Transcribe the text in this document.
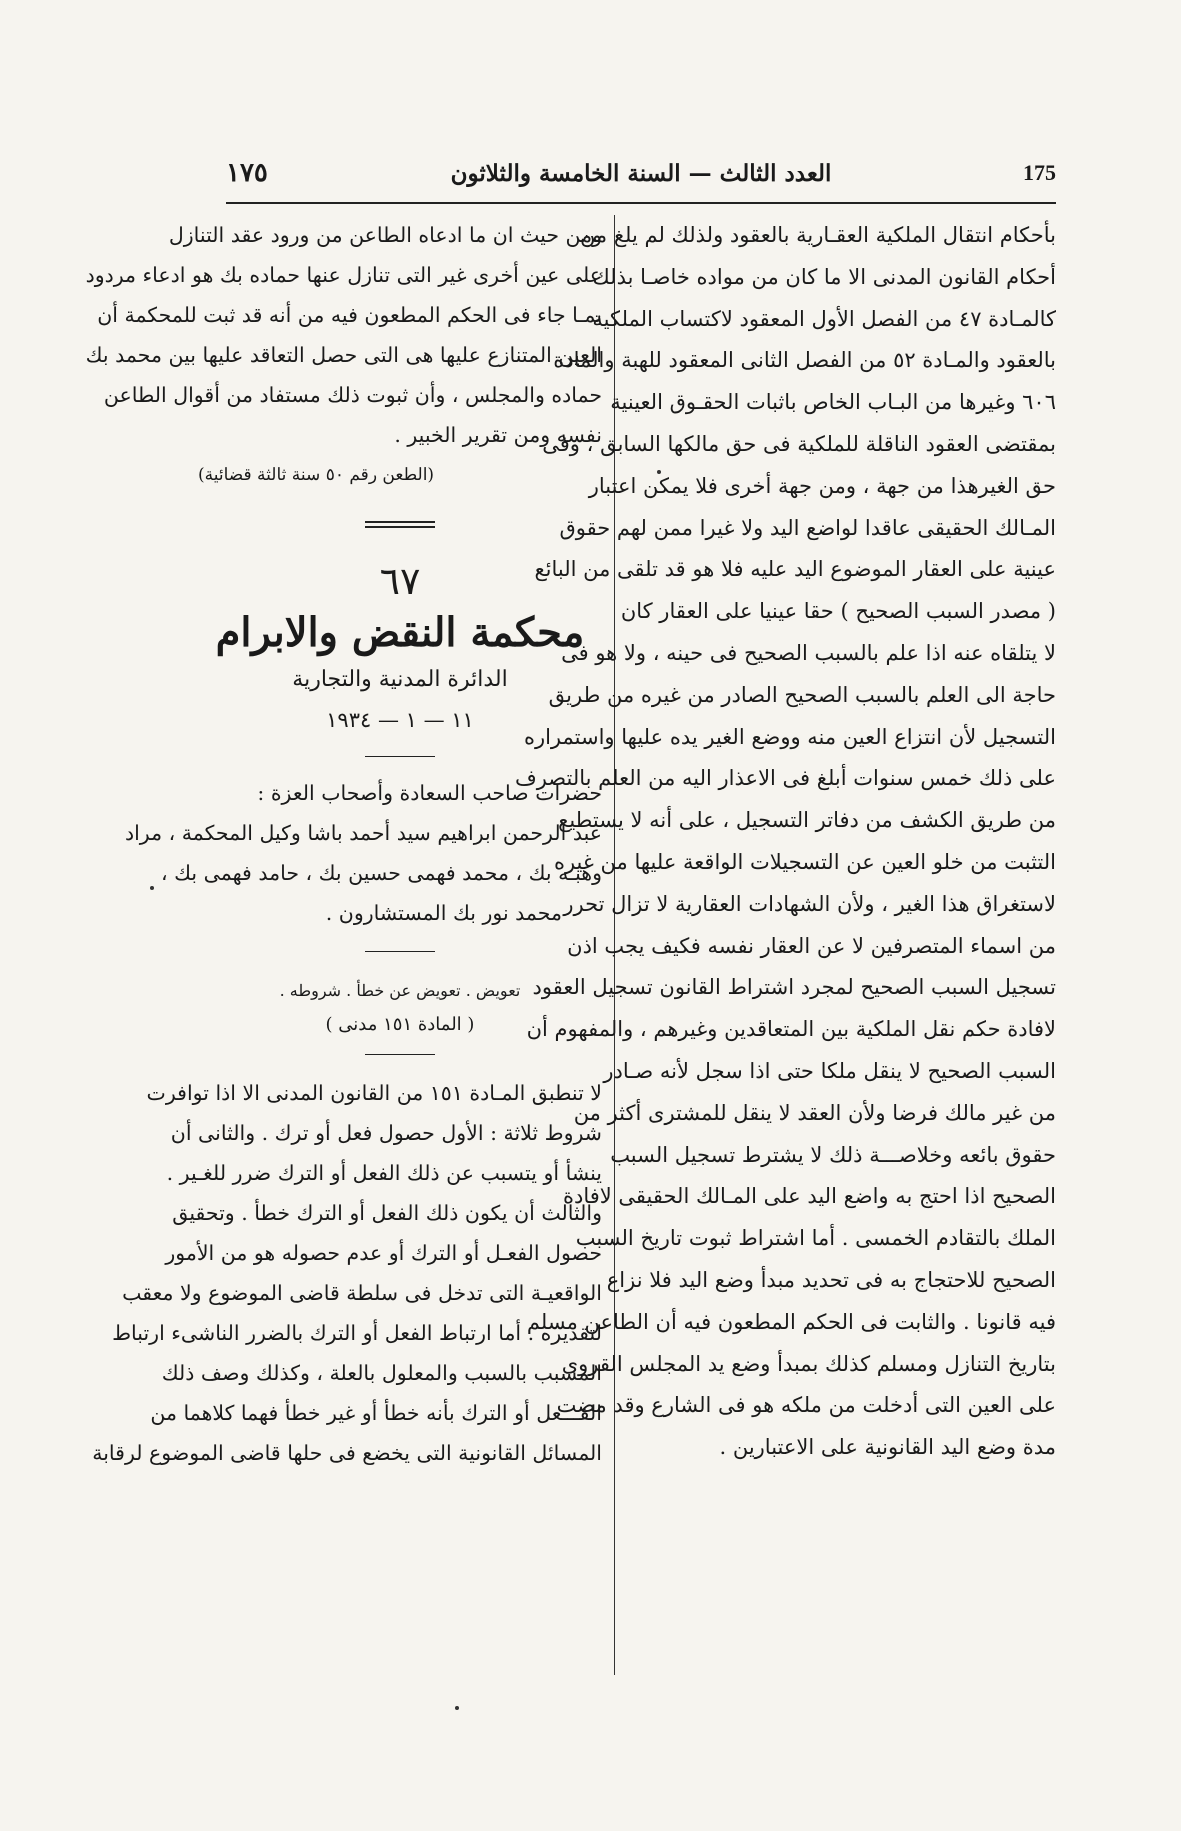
١٧٥	العدد الثالث — السنة الخامسة والثلاثون	175
بأحكام انتقال الملكية العقـارية بالعقود ولذلك لم يلغ من
أحكام القانون المدنى الا ما كان من مواده خاصـا بذلك
كالمـادة ٤٧ من الفصل الأول المعقود لاكتساب الملكية
بالعقود والمـادة ٥٢ من الفصل الثانى المعقود للهبة والمادة
٦٠٦ وغيرها من البـاب الخاص باثبات الحقـوق العينية
بمقتضى العقود الناقلة للملكية فى حق مالكها السابق ، وفى
حق الغيرهذا من جهة ، ومن جهة أخرى فلا يمكن اعتبار
المـالك الحقيقى عاقدا لواضع اليد ولا غيرا ممن لهم حقوق
عينية على العقار الموضوع اليد عليه فلا هو قد تلقى من البائع
( مصدر السبب الصحيح ) حقا عينيا على العقار كان
لا يتلقاه عنه اذا علم بالسبب الصحيح فى حينه ، ولا هو فى
حاجة الى العلم بالسبب الصحيح الصادر من غيره من طريق
التسجيل لأن انتزاع العين منه ووضع الغير يده عليها واستمراره
على ذلك خمس سنوات أبلغ فى الاعذار اليه من العلم بالتصرف
من طريق الكشف من دفاتر التسجيل ، على أنه لا يستطيع
التثبت من خلو العين عن التسجيلات الواقعة عليها من غيره
لاستغراق هذا الغير ، ولأن الشهادات العقارية لا تزال تحرر
من اسماء المتصرفين لا عن العقار نفسه فكيف يجب اذن
تسجيل السبب الصحيح لمجرد اشتراط القانون تسجيل العقود
لافادة حكم نقل الملكية بين المتعاقدين وغيرهم ، والمفهوم أن
السبب الصحيح لا ينقل ملكا حتى اذا سجل لأنه صـادر
من غير مالك فرضا ولأن العقد لا ينقل للمشترى أكثر من
حقوق بائعه وخلاصـــة ذلك لا يشترط تسجيل السبب
الصحيح اذا احتج به واضع اليد على المـالك الحقيقى لافادة
الملك بالتقادم الخمسى . أما اشتراط ثبوت تاريخ السبب
الصحيح للاحتجاج به فى تحديد مبدأ وضع اليد فلا نزاع
فيه قانونا . والثابت فى الحكم المطعون فيه أن الطاعن مسلم
بتاريخ التنازل ومسلم كذلك بمبدأ وضع يد المجلس القروى
على العين التى أدخلت من ملكه هو فى الشارع وقد مضت
مدة وضع اليد القانونية على الاعتبارين .
ومن حيث ان ما ادعاه الطاعن من ورود عقد التنازل
على عين أخرى غير التى تنازل عنها حماده بك هو ادعاء مردود
بمـا جاء فى الحكم المطعون فيه من أنه قد ثبت للمحكمة أن
العين المتنازع عليها هى التى حصل التعاقد عليها بين محمد بك
حماده والمجلس ، وأن ثبوت ذلك مستفاد من أقوال الطاعن
نفسه ومن تقرير الخبير .
(الطعن رقم ٥٠ سنة ثالثة قضائية)
٦٧
محكمة النقض والابرام
الدائرة المدنية والتجارية
١١ — ١ — ١٩٣٤
حضرات صاحب السعادة وأصحاب العزة :
عبد الرحمن ابراهيم سيد أحمد باشا وكيل المحكمة ، مراد
وهبـه بك ، محمد فهمى حسين بك ، حامد فهمى بك ،
محمد نور بك المستشارون .
تعويض . تعويض عن خطأ . شروطه .
( المادة ١٥١ مدنى )
لا تنطبق المـادة ١٥١ من القانون المدنى الا اذا توافرت
شروط ثلاثة : الأول حصول فعل أو ترك . والثانى أن
ينشأ أو يتسبب عن ذلك الفعل أو الترك ضرر للغـير .
والثالث أن يكون ذلك الفعل أو الترك خطأ . وتحقيق
حصول الفعـل أو الترك أو عدم حصوله هو من الأمور
الواقعيـة التى تدخل فى سلطة قاضى الموضوع ولا معقب
لتقديره . أما ارتباط الفعل أو الترك بالضرر الناشىء ارتباط
المسبب بالسبب والمعلول بالعلة ، وكذلك وصف ذلك
الفـــعل أو الترك بأنه خطأ أو غير خطأ فهما كلاهما من
المسائل القانونية التى يخضع فى حلها قاضى الموضوع لرقابة
